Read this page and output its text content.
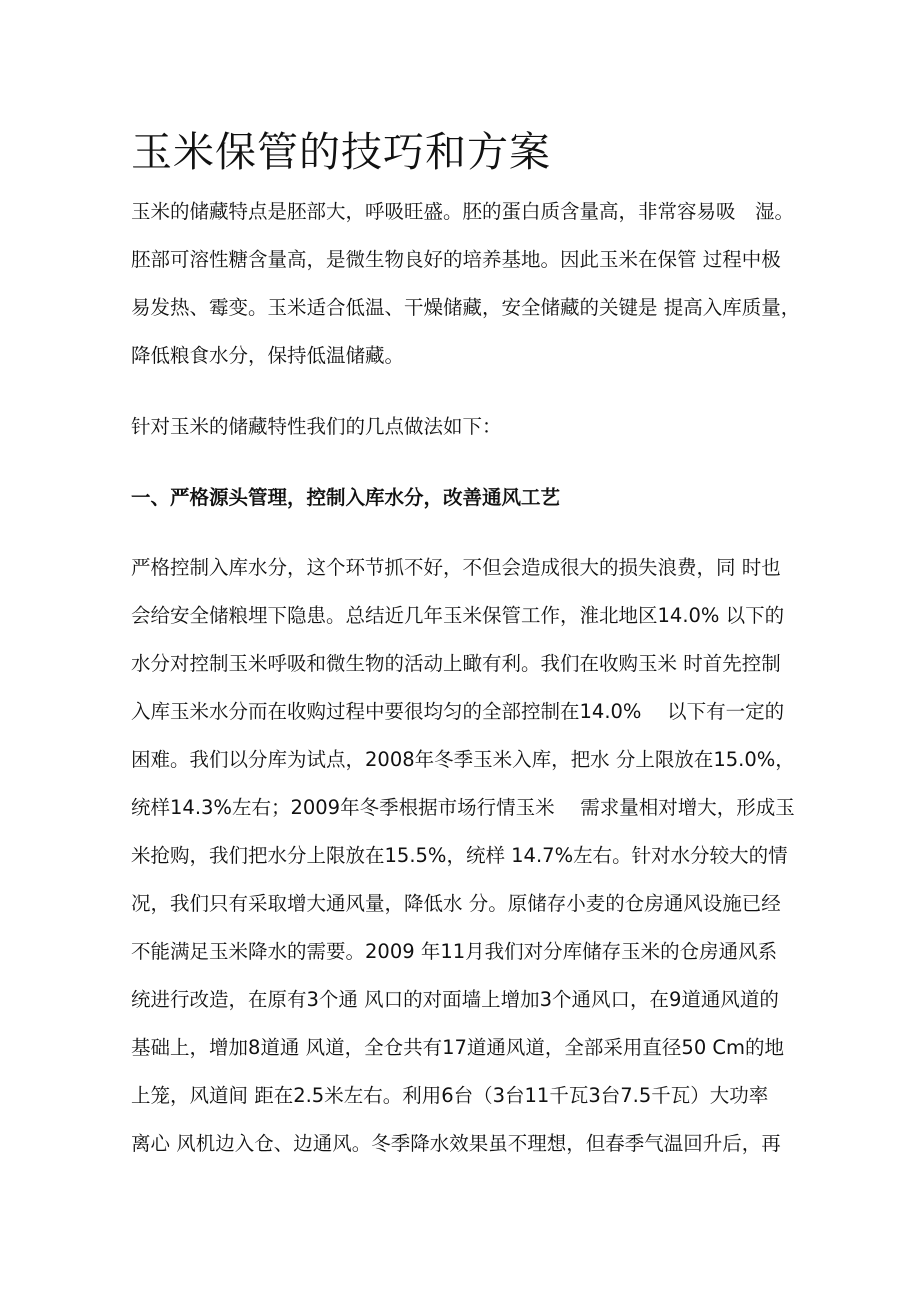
玉米保管的技巧和方案
玉米的储藏特点是胚部大，呼吸旺盛。胚的蛋白质含量高，非常容易吸　湿。
胚部可溶性糖含量高，是微生物良好的培养基地。因此玉米在保管 过程中极
易发热、霉变。玉米适合低温、干燥储藏，安全储藏的关键是 提高入库质量，
降低粮食水分，保持低温储藏。
针对玉米的储藏特性我们的几点做法如下：
一、严格源头管理，控制入库水分，改善通风工艺
严格控制入库水分，这个环节抓不好，不但会造成很大的损失浪费，同 时也
会给安全储粮埋下隐患。总结近几年玉米保管工作，淮北地区14.0% 以下的
水分对控制玉米呼吸和微生物的活动上瞰有利。我们在收购玉米 时首先控制
入库玉米水分而在收购过程中要很均匀的全部控制在14.0%　 以下有一定的
困难。我们以分库为试点，2008年冬季玉米入库，把水 分上限放在15.0%，
统样14.3%左右；2009年冬季根据市场行情玉米　 需求量相对增大，形成玉
米抢购，我们把水分上限放在15.5%，统样 14.7%左右。针对水分较大的情
况，我们只有采取增大通风量，降低水 分。原储存小麦的仓房通风设施已经
不能满足玉米降水的需要。2009 年11月我们对分库储存玉米的仓房通风系
统进行改造，在原有3个通 风口的对面墙上增加3个通风口，在9道通风道的
基础上，增加8道通 风道，全仓共有17道通风道，全部采用直径50 Cm的地
上笼，风道间 距在2.5米左右。利用6台（3台11千瓦3台7.5千瓦）大功率
离心 风机边入仓、边通风。冬季降水效果虽不理想，但春季气温回升后，再
